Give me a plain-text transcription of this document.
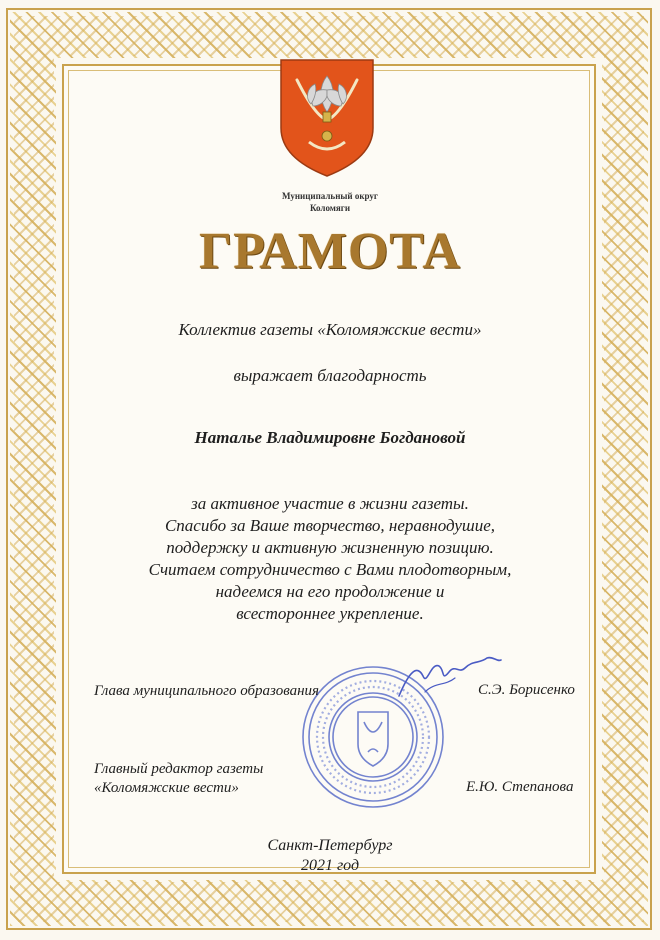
Муниципальный округ
Коломяги
ГРАМОТА
Коллектив газеты «Коломяжские вести»
выражает благодарность
Наталье Владимировне Богдановой
за активное участие в жизни газеты.
Спасибо за Ваше творчество, неравнодушие,
поддержку и активную жизненную позицию.
Считаем сотрудничество с Вами плодотворным,
надеемся на его продолжение и
всестороннее укрепление.
Глава муниципального образования	С.Э. Борисенко
Главный редактор газеты
«Коломяжские вести»	Е.Ю. Степанова
Санкт-Петербург
2021 год
